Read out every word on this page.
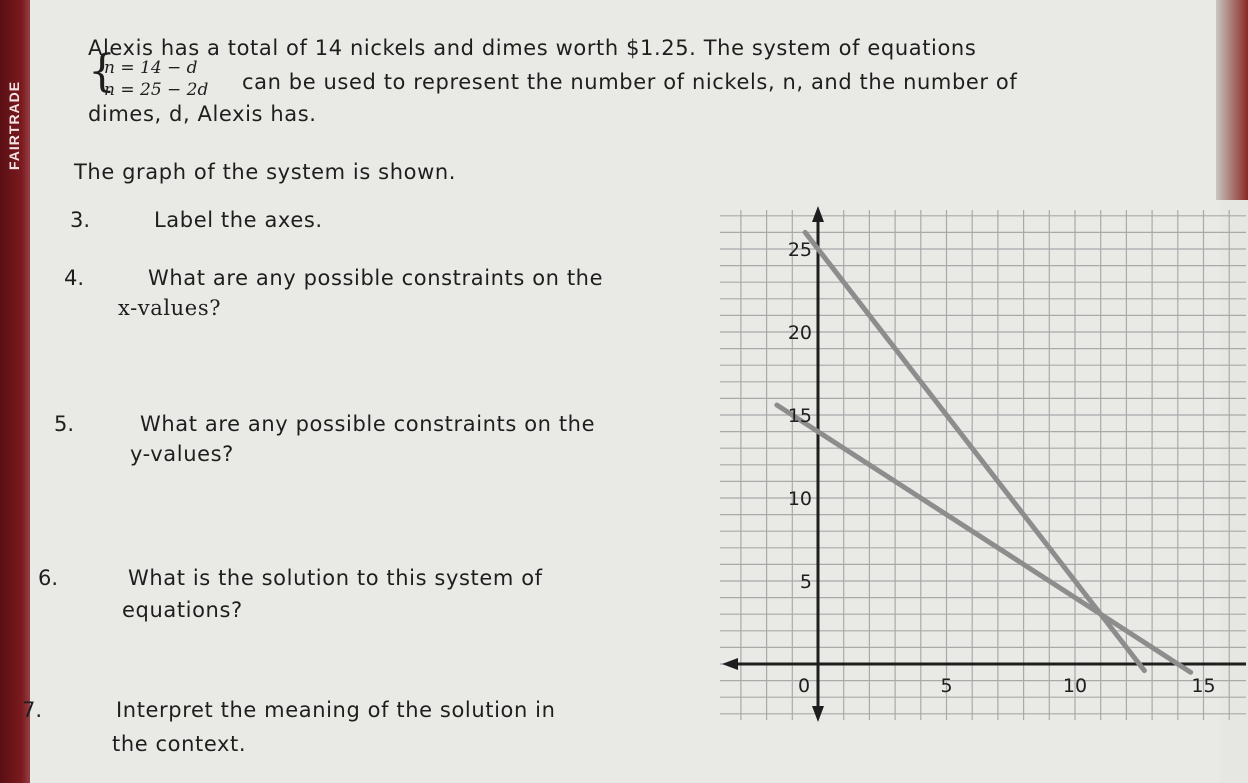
FAIRTRADE
Alexis has a total of 14 nickels and dimes worth $1.25. The system of equations
{
n = 14 − d
n = 25 − 2d can be used to represent the number of nickels, n, and the number of
dimes, d, Alexis has.
The graph of the system is shown.
3.	Label the axes.
4.	What are any possible constraints on the
x-values?
5.	What are any possible constraints on the
y-values?
6.	What is the solution to this system of
equations?
7.	Interpret the meaning of the solution in
the context.
5
10
15
20
25
0	5	10	15
